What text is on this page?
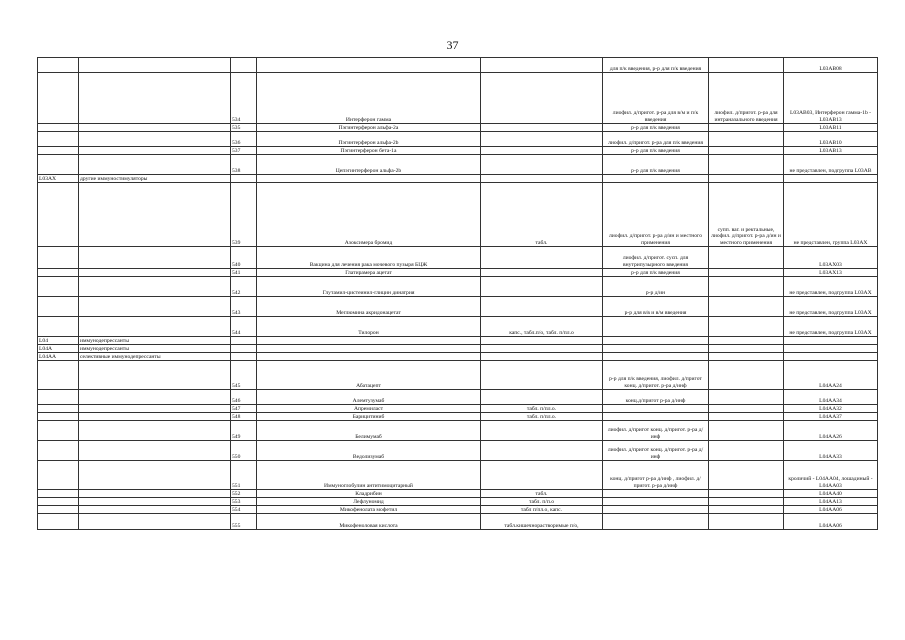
37
					для п/к введения, р-р для п/к введения		L03AB08
		534	Интерферон гамма		лиофил. д/пригот. р-ра для в/м и п/к введения	лиофил. д/пригот. р-ра для интраназального введения	L03AB03, Интерферон гамма-1b - L03AB13
		535	Пэгинтерферон альфа-2а		р-р для п/к введения		L03AB11
		536	Пэгинтерферон альфа-2b		лиофил. д/пригот. р-ра для п/к введения		L03AB10
		537	Пэгинтерферон бета-1а		р-р для п/к введения		L03AB13
		538	Цепэгинтерферон альфа-2b		р-р для п/к введения		не представлен, подгруппа L03AB
L03AX	другие иммуностимуляторы						
		539	Азоксимера бромид	табл.	лиофил. д/пригот. р-ра д/ин и местного применения	супп. ваг. и ректальные, лиофил. д/пригот. р-ра д/ин и местного применения	не представлен, группа L03AX
		540	Вакцина для лечения рака мочевого пузыря БЦЖ		лиофил. д/пригот. сусп. для внутрипузырного введения		L03AX03
		541	Глатирамера ацетат		р-р для п/к введения		L03AX13
		542	Глутамил-цистеинил-глицин динатрия		р-р д/ин		не представлен, подгруппа L03AX
		543	Меглюмина акридонацетат		р-р для в/в и в/м введения		не представлен, подгруппа L03AX
		544	Тилорон	капс., табл.п/о, табл. п/пл.о			не представлен, подгруппа L03AX
L04	иммунодепрессанты						
L04A	иммунодепрессанты						
L04AA	селективные иммунодепрессанты						
		545	Абатацепт		р-р для п/к введения, лиофил. д/пригот конц. д/пригот. р-ра д/инф		L04AA24
		546	Алемтузумаб		конц.д/пригот р-ра д/инф		L04AA34
		547	Апремиласт	табл. п/пл.о.			L04AA32
		548	Барицитиниб	табл. п/пл.о.			L04AA37
		549	Белимумаб		лиофил. д/пригот конц. д/пригот. р-ра д/инф		L04AA26
		550	Ведолизумаб		лиофил. д/пригот конц. д/пригот. р-ра д/инф		L04AA33
		551	Иммуноглобулин антитимоцитарный		конц. д/пригот р-ра д/инф , лиофил. д/пригот. р-ра д/инф		кроличий - L04AA04, лошадиный - L04AA03
		552	Кладрибин	табл.			L04AA40
		553	Лефлуномид	табл. п/п.о			L04AA13
		554	Микофенолата мофетил	табл п/пл.о, капс.			L04AA06
		555	Микофеноловая кислота	табл.кишечнорастворимые п/о,			L04AA06
